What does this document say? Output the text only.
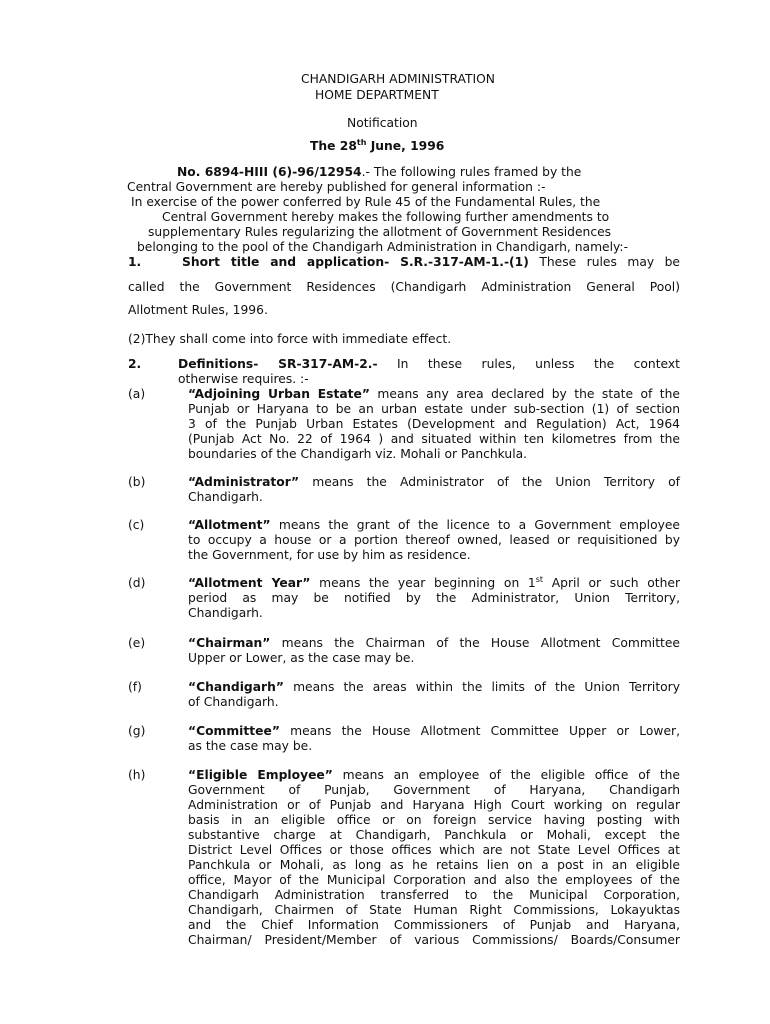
CHANDIGARH ADMINISTRATION
HOME DEPARTMENT
Notification
The 28th June, 1996
No. 6894-HIII (6)-96/12954.- The following rules framed by the
Central Government are hereby published for general information :-
In exercise of the power conferred by Rule 45 of the Fundamental Rules, the
Central Government hereby makes the following further amendments to
supplementary Rules regularizing the allotment of Government Residences
belonging to the pool of the Chandigarh Administration in Chandigarh, namely:-
1.	Short title and application- S.R.-317-AM-1.-(1) These rules may be
called the Government Residences (Chandigarh Administration General Pool)
Allotment Rules, 1996.
(2)They shall come into force with immediate effect.
2.	Definitions- SR-317-AM-2.- In these rules, unless the context
otherwise requires. :-
(a)	“Adjoining Urban Estate” means any area declared by the state of the
Punjab or Haryana to be an urban estate under sub-section (1) of section
3 of the Punjab Urban Estates (Development and Regulation) Act, 1964
(Punjab Act No. 22 of 1964 ) and situated within ten kilometres from the
boundaries of the Chandigarh viz. Mohali or Panchkula.
(b)	“Administrator” means the Administrator of the Union Territory of
Chandigarh.
(c)	“Allotment” means the grant of the licence to a Government employee
to occupy a house or a portion thereof owned, leased or requisitioned by
the Government, for use by him as residence.
(d)	“Allotment Year” means the year beginning on 1st April or such other
period as may be notified by the Administrator, Union Territory,
Chandigarh.
(e)	“Chairman” means the Chairman of the House Allotment Committee
Upper or Lower, as the case may be.
(f)	“Chandigarh” means the areas within the limits of the Union Territory
of Chandigarh.
(g)	“Committee” means the House Allotment Committee Upper or Lower,
as the case may be.
(h)	“Eligible Employee” means an employee of the eligible office of the
Government of Punjab, Government of Haryana, Chandigarh
Administration or of Punjab and Haryana High Court working on regular
basis in an eligible office or on foreign service having posting with
substantive charge at Chandigarh, Panchkula or Mohali, except the
District Level Offices or those offices which are not State Level Offices at
Panchkula or Mohali, as long as he retains lien on a post in an eligible
office, Mayor of the Municipal Corporation and also the employees of the
Chandigarh Administration transferred to the Municipal Corporation,
Chandigarh, Chairmen of State Human Right Commissions, Lokayuktas
and the Chief Information Commissioners of Punjab and Haryana,
Chairman/ President/Member of various Commissions/ Boards/Consumer
